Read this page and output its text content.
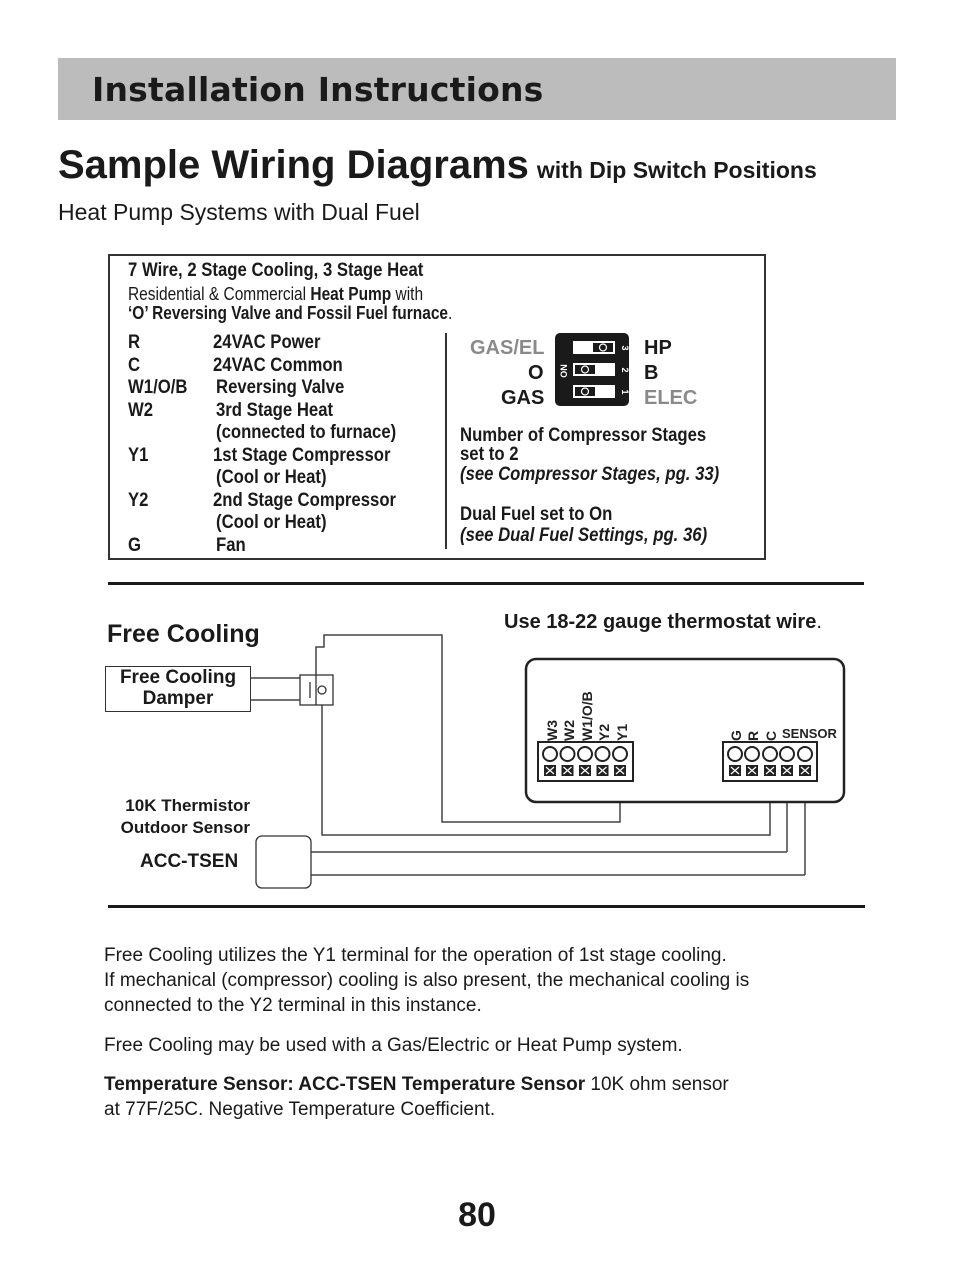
Installation Instructions
Sample Wiring Diagrams with Dip Switch Positions
Heat Pump Systems with Dual Fuel
7 Wire, 2 Stage Cooling, 3 Stage Heat
Residential & Commercial Heat Pump with
‘O’ Reversing Valve and Fossil Fuel furnace.
R	24VAC Power
C	24VAC Common
W1/O/B Reversing Valve
W2	3rd Stage Heat
(connected to furnace)
Y1	1st Stage Compressor
(Cool or Heat)
Y2	2nd Stage Compressor
(Cool or Heat)
G	Fan
GAS/EL
O
GAS
ON
3
2
1
HP
B
ELEC
Number of Compressor Stages
set to 2
(see Compressor Stages, pg. 33)
Dual Fuel set to On
(see Dual Fuel Settings, pg. 36)
Free Cooling	Use 18-22 gauge thermostat wire.
Free Cooling
Damper
10K Thermistor
Outdoor Sensor
ACC-TSEN
W3 W2 W1/O/B Y2 Y1	G R C SENSOR
Free Cooling utilizes the Y1 terminal for the operation of 1st stage cooling.
If mechanical (compressor) cooling is also present, the mechanical cooling is
connected to the Y2 terminal in this instance.
Free Cooling may be used with a Gas/Electric or Heat Pump system.
Temperature Sensor: ACC-TSEN Temperature Sensor 10K ohm sensor
at 77F/25C. Negative Temperature Coefficient.
80
